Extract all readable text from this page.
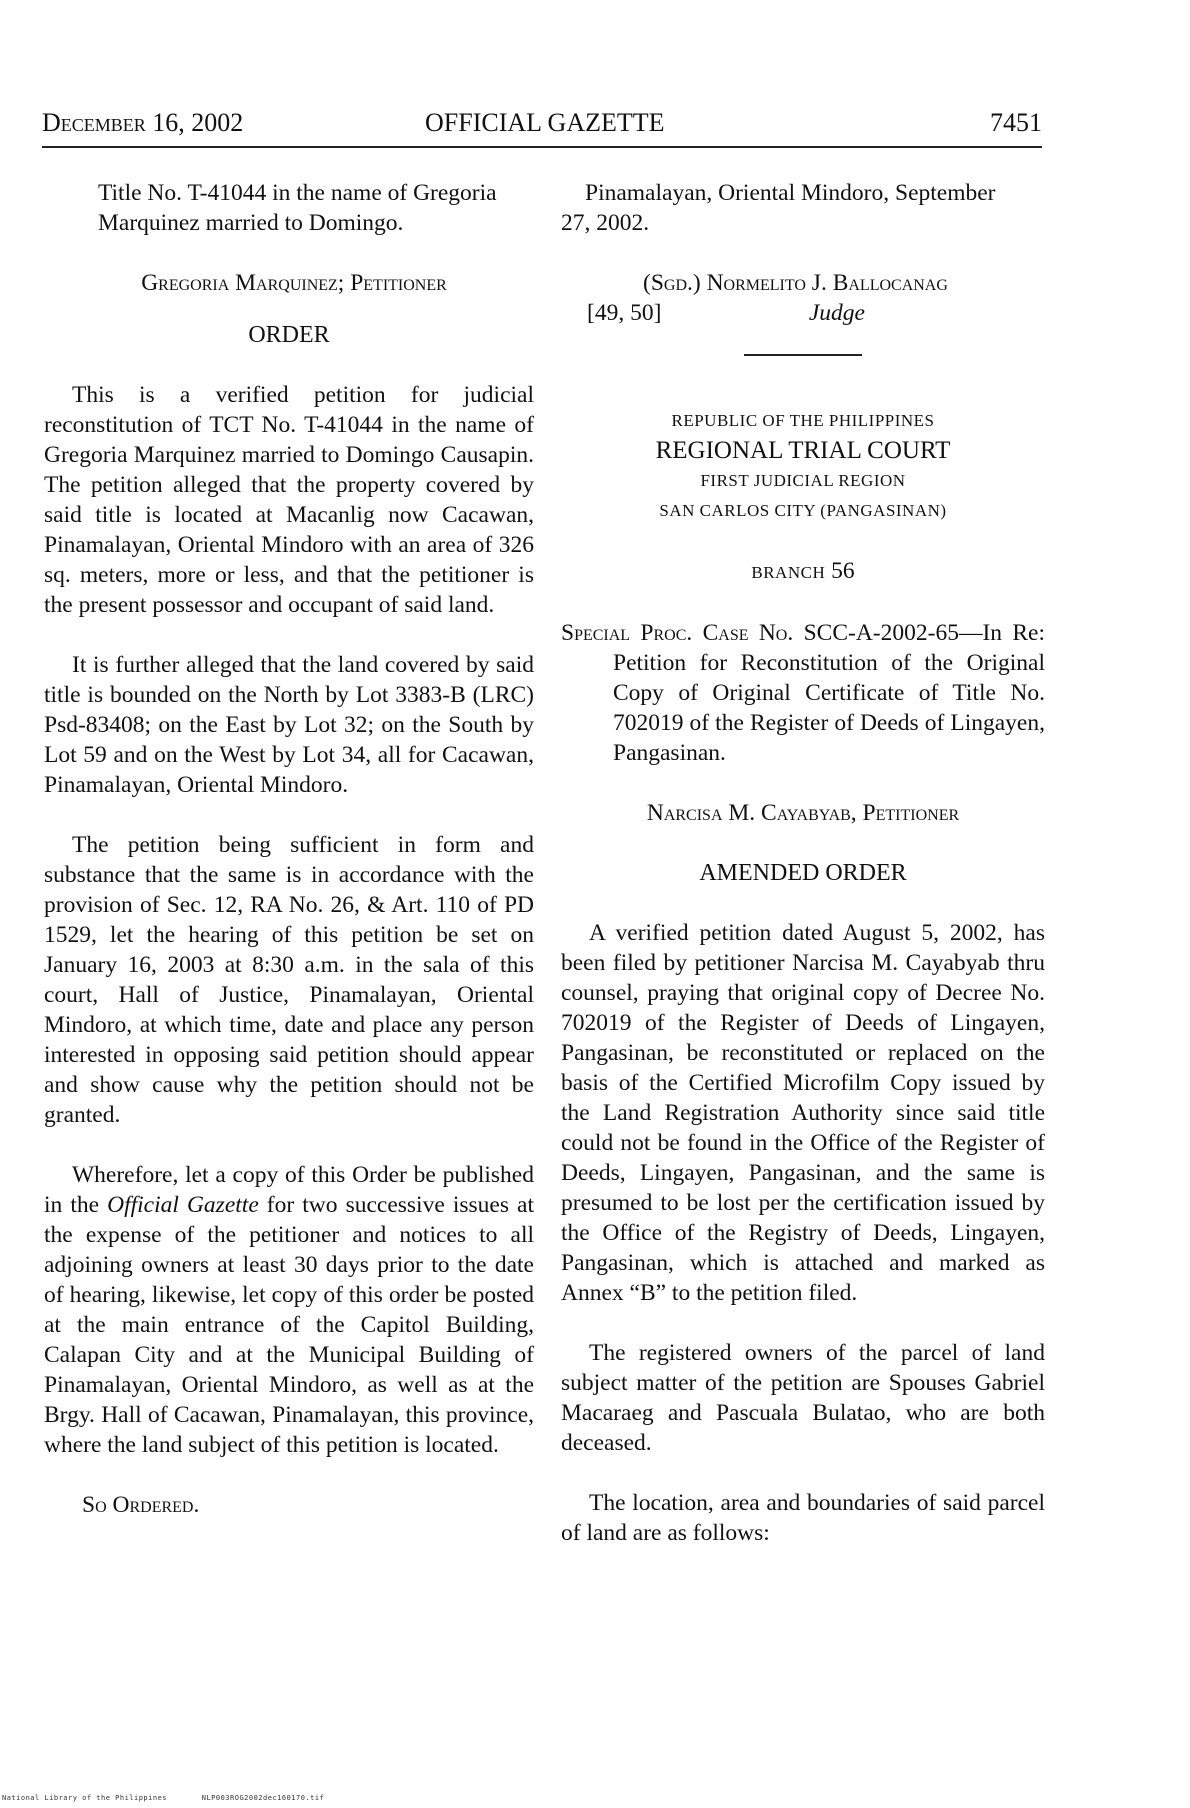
December 16, 2002	OFFICIAL GAZETTE	7451

Title No. T-41044 in the name of Gregoria

Marquinez married to Domingo.

Gregoria Marquinez; Petitioner

ORDER

This is a verified petition for judicial reconstitution of TCT No. T-41044 in the name of Gregoria Marquinez married to Domingo Causapin. The petition alleged that the property covered by said title is located at Macanlig now Cacawan, Pinamalayan, Oriental Mindoro with an area of 326 sq. meters, more or less, and that the petitioner is the present possessor and occupant of said land.

It is further alleged that the land covered by said title is bounded on the North by Lot 3383-B (LRC) Psd-83408; on the East by Lot 32; on the South by Lot 59 and on the West by Lot 34, all for Cacawan, Pinamalayan, Oriental Mindoro.

The petition being sufficient in form and substance that the same is in accordance with the provision of Sec. 12, RA No. 26, & Art. 110 of PD 1529, let the hearing of this petition be set on January 16, 2003 at 8:30 a.m. in the sala of this court, Hall of Justice, Pinamalayan, Oriental Mindoro, at which time, date and place any person interested in opposing said petition should appear and show cause why the petition should not be granted.

Wherefore, let a copy of this Order be published in the Official Gazette for two successive issues at the expense of the petitioner and notices to all adjoining owners at least 30 days prior to the date of hearing, likewise, let copy of this order be posted at the main entrance of the Capitol Building, Calapan City and at the Municipal Building of Pinamalayan, Oriental Mindoro, as well as at the Brgy. Hall of Cacawan, Pinamalayan, this province, where the land subject of this petition is located.

So Ordered.

Pinamalayan, Oriental Mindoro, September

27, 2002.

(Sgd.) Normelito J. Ballocanag

[49, 50]	Judge

REPUBLIC OF THE PHILIPPINES

REGIONAL TRIAL COURT

FIRST JUDICIAL REGION

SAN CARLOS CITY (PANGASINAN)

BRANCH 56

Special Proc. Case No. SCC-A-2002-65—In Re: Petition for Reconstitution of the Original Copy of Original Certificate of Title No. 702019 of the Register of Deeds of Lingayen, Pangasinan.

Narcisa M. Cayabyab, Petitioner

AMENDED ORDER

A verified petition dated August 5, 2002, has been filed by petitioner Narcisa M. Cayabyab thru counsel, praying that original copy of Decree No. 702019 of the Register of Deeds of Lingayen, Pangasinan, be reconstituted or replaced on the basis of the Certified Microfilm Copy issued by the Land Registration Authority since said title could not be found in the Office of the Register of Deeds, Lingayen, Pangasinan, and the same is presumed to be lost per the certification issued by the Office of the Registry of Deeds, Lingayen, Pangasinan, which is attached and marked as Annex “B” to the petition filed.

The registered owners of the parcel of land subject matter of the petition are Spouses Gabriel Macaraeg and Pascuala Bulatao, who are both deceased.

The location, area and boundaries of said parcel of land are as follows:

National Library of the Philippines	NLP003ROG2002dec160170.tif
